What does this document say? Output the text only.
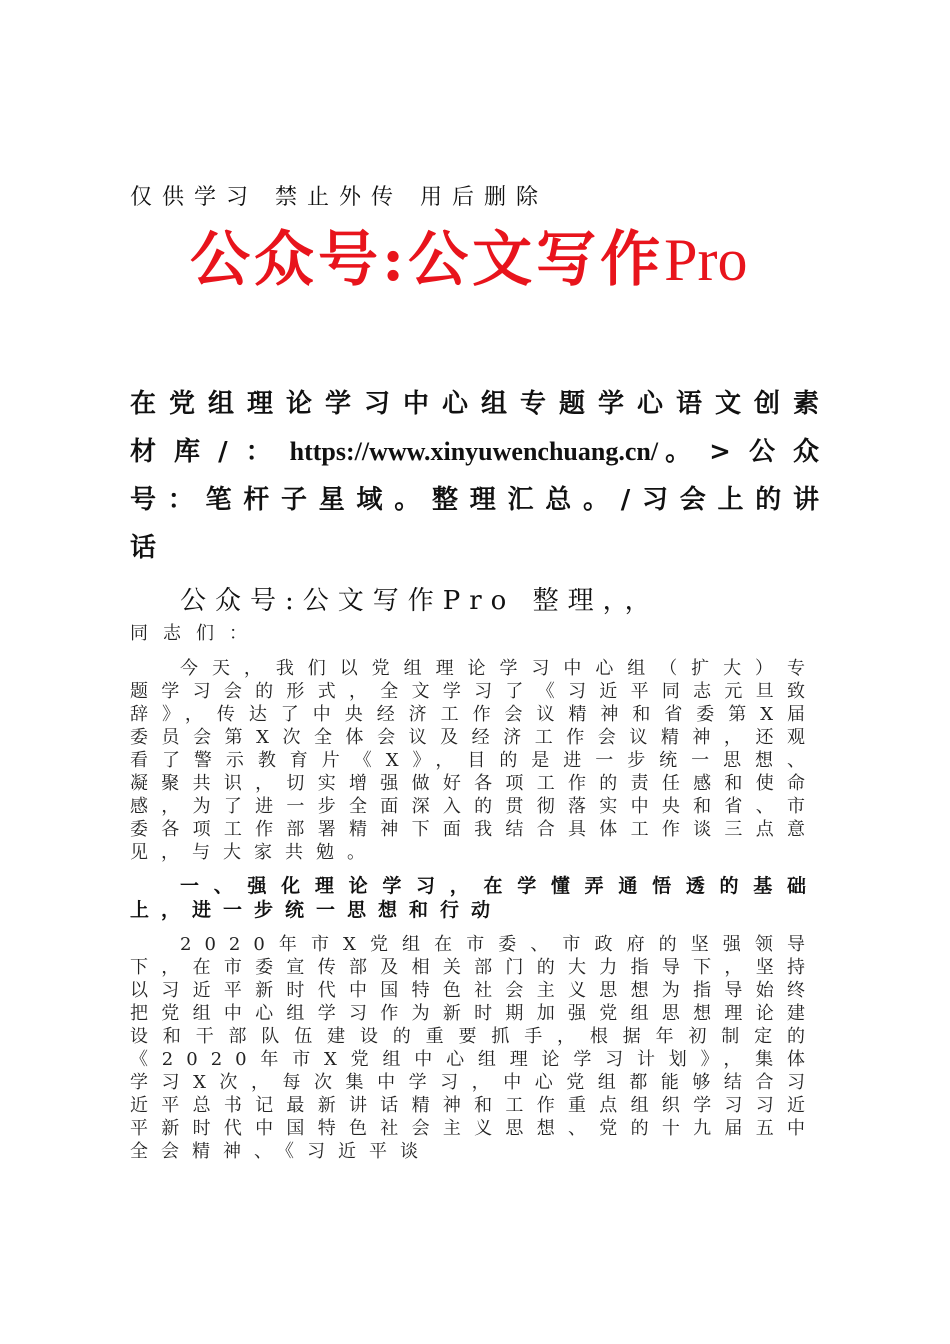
仅供学习 禁止外传 用后删除
公众号:公文写作Pro
在党组理论学习中心组专题学心语文创素材库/：https://www.xinyuwenchuang.cn/。>公众号：笔杆子星域。整理汇总。/习会上的讲话
公众号:公文写作Pro 整理，，
同志们：
今天，我们以党组理论学习中心组（扩大）专题学习会的形式，全文学习了《习近平同志元旦致辞》，传达了中央经济工作会议精神和省委第X届委员会第X次全体会议及经济工作会议精神，还观看了警示教育片《X》，目的是进一步统一思想、凝聚共识，切实增强做好各项工作的责任感和使命感，为了进一步全面深入的贯彻落实中央和省、市委各项工作部署精神下面我结合具体工作谈三点意见，与大家共勉。
一、强化理论学习，在学懂弄通悟透的基础上，进一步统一思想和行动
2020年市X党组在市委、市政府的坚强领导下，在市委宣传部及相关部门的大力指导下，坚持以习近平新时代中国特色社会主义思想为指导始终把党组中心组学习作为新时期加强党组思想理论建设和干部队伍建设的重要抓手，根据年初制定的《2020年市X党组中心组理论学习计划》，集体学习X次，每次集中学习，中心党组都能够结合习近平总书记最新讲话精神和工作重点组织学习习近平新时代中国特色社会主义思想、党的十九届五中全会精神、《习近平谈
